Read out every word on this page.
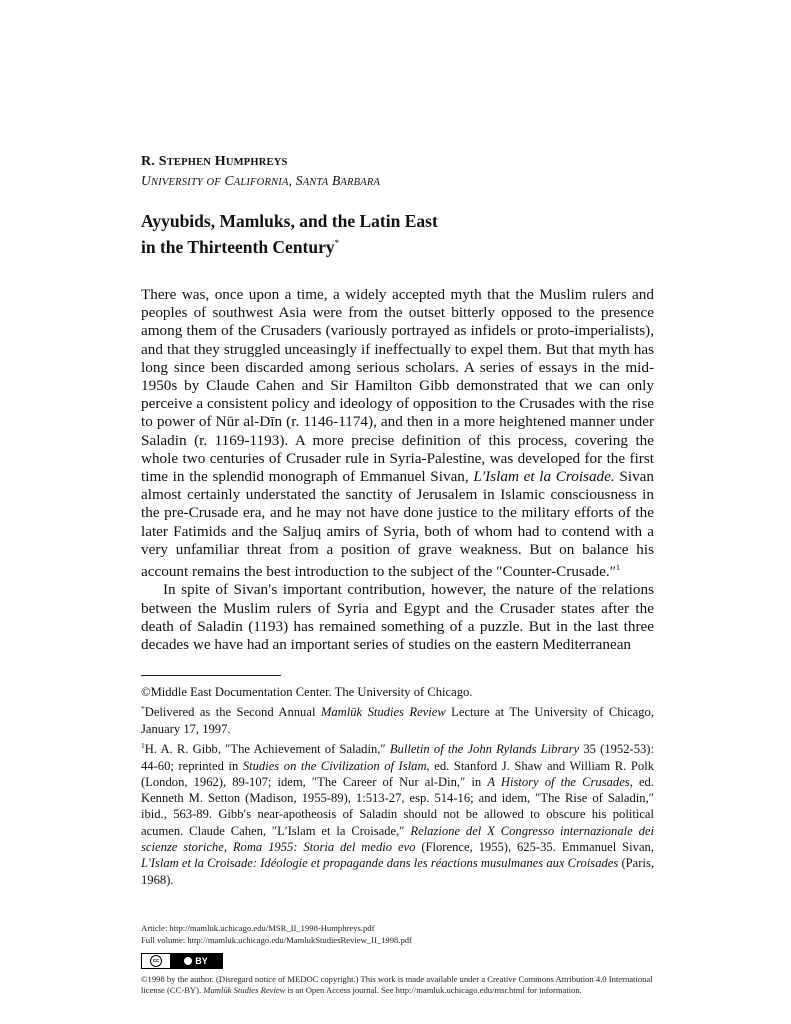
R. STEPHEN HUMPHREYS
UNIVERSITY OF CALIFORNIA, SANTA BARBARA
Ayyubids, Mamluks, and the Latin East
in the Thirteenth Century*

There was, once upon a time, a widely accepted myth that the Muslim rulers and peoples of southwest Asia were from the outset bitterly opposed to the presence among them of the Crusaders (variously portrayed as infidels or proto-imperialists), and that they struggled unceasingly if ineffectually to expel them. But that myth has long since been discarded among serious scholars. A series of essays in the mid-1950s by Claude Cahen and Sir Hamilton Gibb demonstrated that we can only perceive a consistent policy and ideology of opposition to the Crusades with the rise to power of Nūr al-Dīn (r. 1146-1174), and then in a more heightened manner under Saladin (r. 1169-1193). A more precise definition of this process, covering the whole two centuries of Crusader rule in Syria-Palestine, was developed for the first time in the splendid monograph of Emmanuel Sivan, L′Islam et la Croisade. Sivan almost certainly understated the sanctity of Jerusalem in Islamic consciousness in the pre-Crusade era, and he may not have done justice to the military efforts of the later Fatimids and the Saljuq amirs of Syria, both of whom had to contend with a very unfamiliar threat from a position of grave weakness. But on balance his account remains the best introduction to the subject of the ″Counter-Crusade.″$^1$

In spite of Sivan′s important contribution, however, the nature of the relations between the Muslim rulers of Syria and Egypt and the Crusader states after the death of Saladin (1193) has remained something of a puzzle. But in the last three decades we have had an important series of studies on the eastern Mediterranean

©Middle East Documentation Center. The University of Chicago.

*Delivered as the Second Annual Mamlūk Studies Review Lecture at The University of Chicago, January 17, 1997.

$^1$H. A. R. Gibb, ″The Achievement of Saladin,″ Bulletin of the John Rylands Library 35 (1952-53): 44-60; reprinted in Studies on the Civilization of Islam, ed. Stanford J. Shaw and William R. Polk (London, 1962), 89-107; idem, ″The Career of Nur al-Din,″ in A History of the Crusades, ed. Kenneth M. Setton (Madison, 1955-89), 1:513-27, esp. 514-16; and idem, ″The Rise of Saladin,″ ibid., 563-89. Gibb′s near-apotheosis of Saladin should not be allowed to obscure his political acumen. Claude Cahen, ″L′Islam et la Croisade,″ Relazione del X Congresso internazionale dei scienze storiche, Roma 1955: Storia del medio evo (Florence, 1955), 625-35. Emmanuel Sivan, L′Islam et la Croisade: Idéologie et propagande dans les réactions musulmanes aux Croisades (Paris, 1968).

Article: http://mamluk.uchicago.edu/MSR_II_1998-Humphreys.pdf
Full volume: http://mamluk.uchicago.edu/MamlukStudiesReview_II_1998.pdf
cc	BY
©1998 by the author. (Disregard notice of MEDOC copyright.) This work is made available under a Creative Commons Attribution 4.0 International license (CC-BY). Mamlūk Studies Review is an Open Access journal. See http://mamluk.uchicago.edu/msr.html for information.
